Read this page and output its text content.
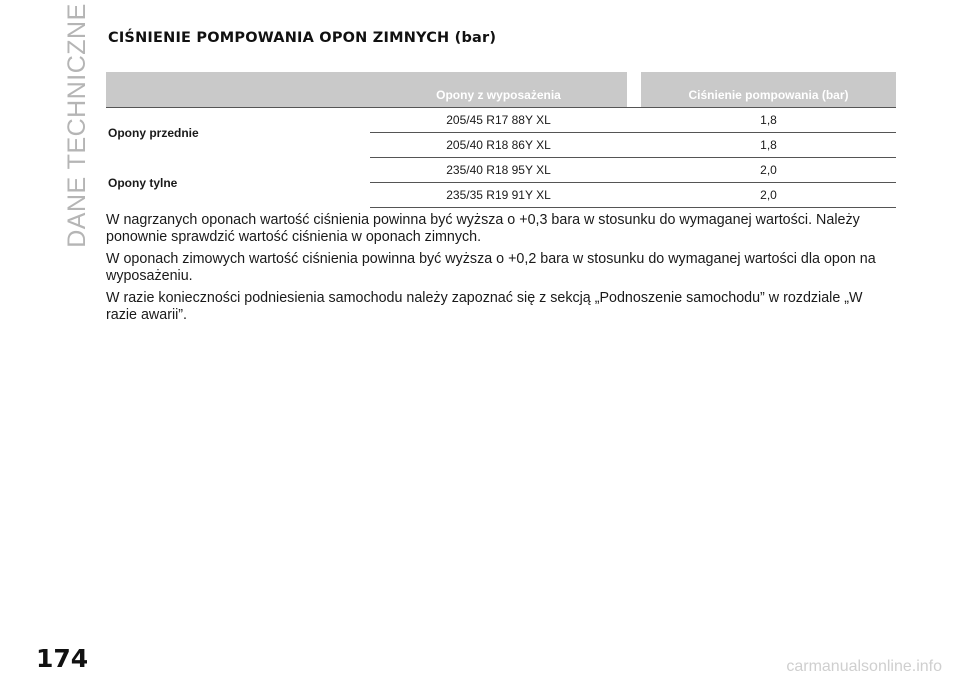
DANE TECHNICZNE CIŚNIENIE POMPOWANIA OPON ZIMNYCH (bar)
	Opony z wyposażenia		Ciśnienie pompowania (bar)
Opony przednie	205/45 R17 88Y XL		1,8
	205/40 R18 86Y XL		1,8
Opony tylne	235/40 R18 95Y XL		2,0
	235/35 R19 91Y XL		2,0

W nagrzanych oponach wartość ciśnienia powinna być wyższa o +0,3 bara w stosunku do wymaganej wartości. Należy ponownie sprawdzić wartość ciśnienia w oponach zimnych.

W oponach zimowych wartość ciśnienia powinna być wyższa o +0,2 bara w stosunku do wymaganej wartości dla opon na wyposażeniu.

W razie konieczności podniesienia samochodu należy zapoznać się z sekcją „Podnoszenie samochodu” w rozdziale „W razie awarii”.

174	carmanualsonline.info
